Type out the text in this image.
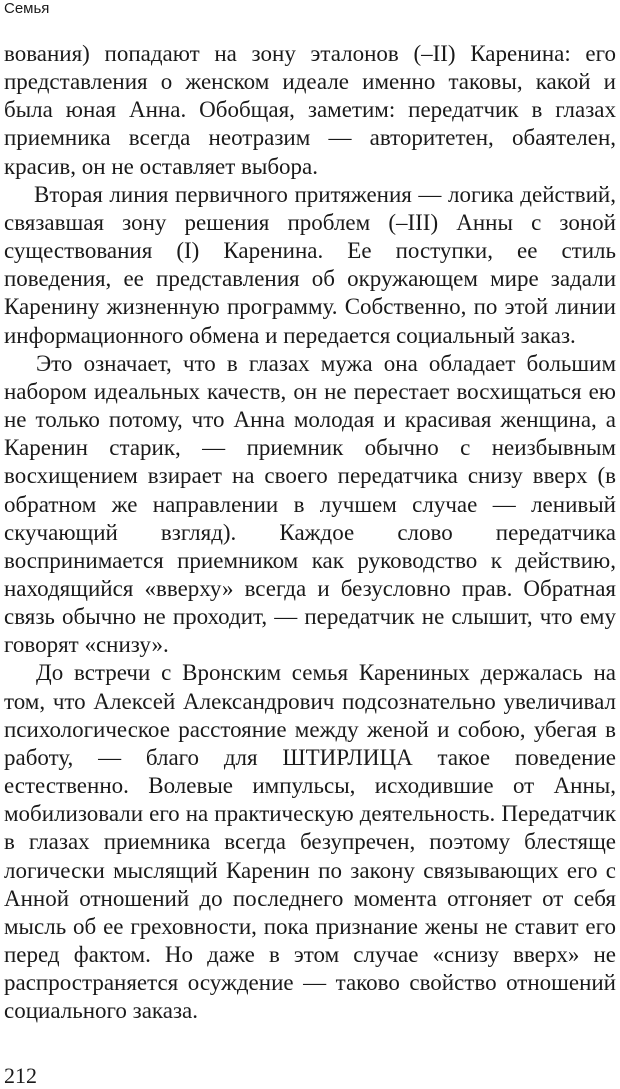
Семья

вования) попадают на зону эталонов (–II) Каренина: его представления о женском идеале именно таковы, какой и была юная Анна. Обобщая, заметим: передатчик в глазах приемника всегда неотразим — авторитетен, обаятелен, красив, он не оставляет выбора.

Вторая линия первичного притяжения — логика действий, связавшая зону решения проблем (–III) Анны с зоной существования (I) Каренина. Ее поступки, ее стиль поведения, ее представления об окружающем мире задали Каренину жизненную программу. Собственно, по этой линии информационного обмена и передается социальный заказ.

Это означает, что в глазах мужа она обладает большим набором идеальных качеств, он не перестает восхищаться ею не только потому, что Анна молодая и красивая женщина, а Каренин старик, — приемник обычно с неизбывным восхищением взирает на своего передатчика снизу вверх (в обратном же направлении в лучшем случае — ленивый скучающий взгляд). Каждое слово передатчика воспринимается приемником как руководство к действию, находящийся «вверху» всегда и безусловно прав. Обратная связь обычно не проходит, — передатчик не слышит, что ему говорят «снизу».

До встречи с Вронским семья Карениных держалась на том, что Алексей Александрович подсознательно увеличивал психологическое расстояние между женой и собою, убегая в работу, — благо для ШТИРЛИЦА такое поведение естественно. Волевые импульсы, исходившие от Анны, мобилизовали его на практическую деятельность. Передатчик в глазах приемника всегда безупречен, поэтому блестяще логически мыслящий Каренин по закону связывающих его с Анной отношений до последнего момента отгоняет от себя мысль об ее греховности, пока признание жены не ставит его перед фактом. Но даже в этом случае «снизу вверх» не распространяется осуждение — таково свойство отношений социального заказа.

212
